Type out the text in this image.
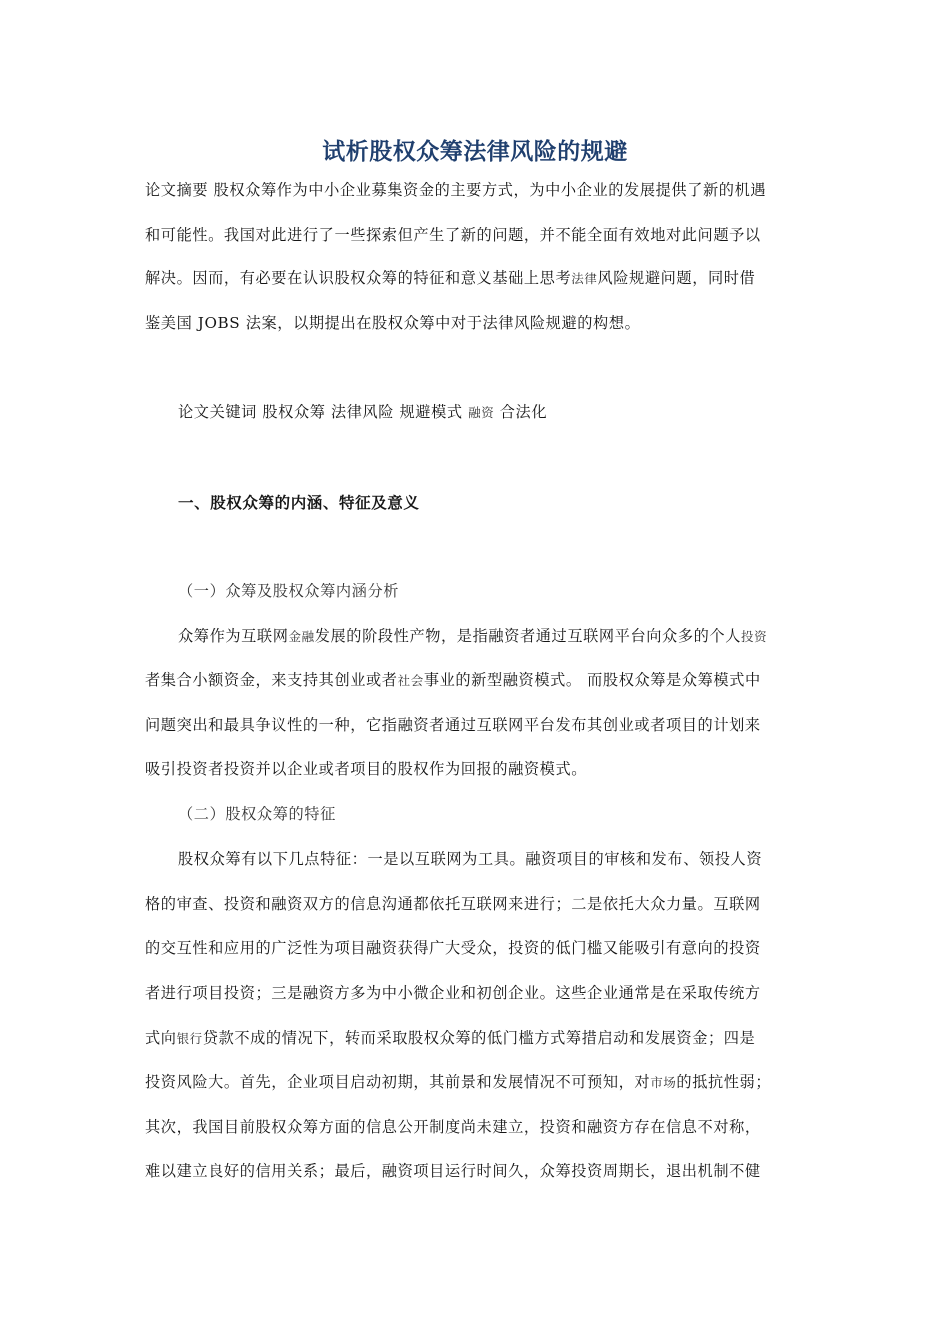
试析股权众筹法律风险的规避
论文摘要 股权众筹作为中小企业募集资金的主要方式，为中小企业的发展提供了新的机遇
和可能性。我国对此进行了一些探索但产生了新的问题，并不能全面有效地对此问题予以
解决。因而，有必要在认识股权众筹的特征和意义基础上思考法律风险规避问题，同时借
鉴美国 JOBS 法案，以期提出在股权众筹中对于法律风险规避的构想。
论文关键词 股权众筹 法律风险 规避模式 融资 合法化
一、股权众筹的内涵、特征及意义
（一）众筹及股权众筹内涵分析
众筹作为互联网金融发展的阶段性产物，是指融资者通过互联网平台向众多的个人投资
者集合小额资金，来支持其创业或者社会事业的新型融资模式。 而股权众筹是众筹模式中
问题突出和最具争议性的一种，它指融资者通过互联网平台发布其创业或者项目的计划来
吸引投资者投资并以企业或者项目的股权作为回报的融资模式。
（二）股权众筹的特征
股权众筹有以下几点特征：一是以互联网为工具。融资项目的审核和发布、领投人资
格的审查、投资和融资双方的信息沟通都依托互联网来进行；二是依托大众力量。互联网
的交互性和应用的广泛性为项目融资获得广大受众，投资的低门槛又能吸引有意向的投资
者进行项目投资；三是融资方多为中小微企业和初创企业。这些企业通常是在采取传统方
式向银行贷款不成的情况下，转而采取股权众筹的低门槛方式筹措启动和发展资金；四是
投资风险大。首先，企业项目启动初期，其前景和发展情况不可预知，对市场的抵抗性弱；
其次，我国目前股权众筹方面的信息公开制度尚未建立，投资和融资方存在信息不对称，
难以建立良好的信用关系；最后，融资项目运行时间久，众筹投资周期长，退出机制不健
